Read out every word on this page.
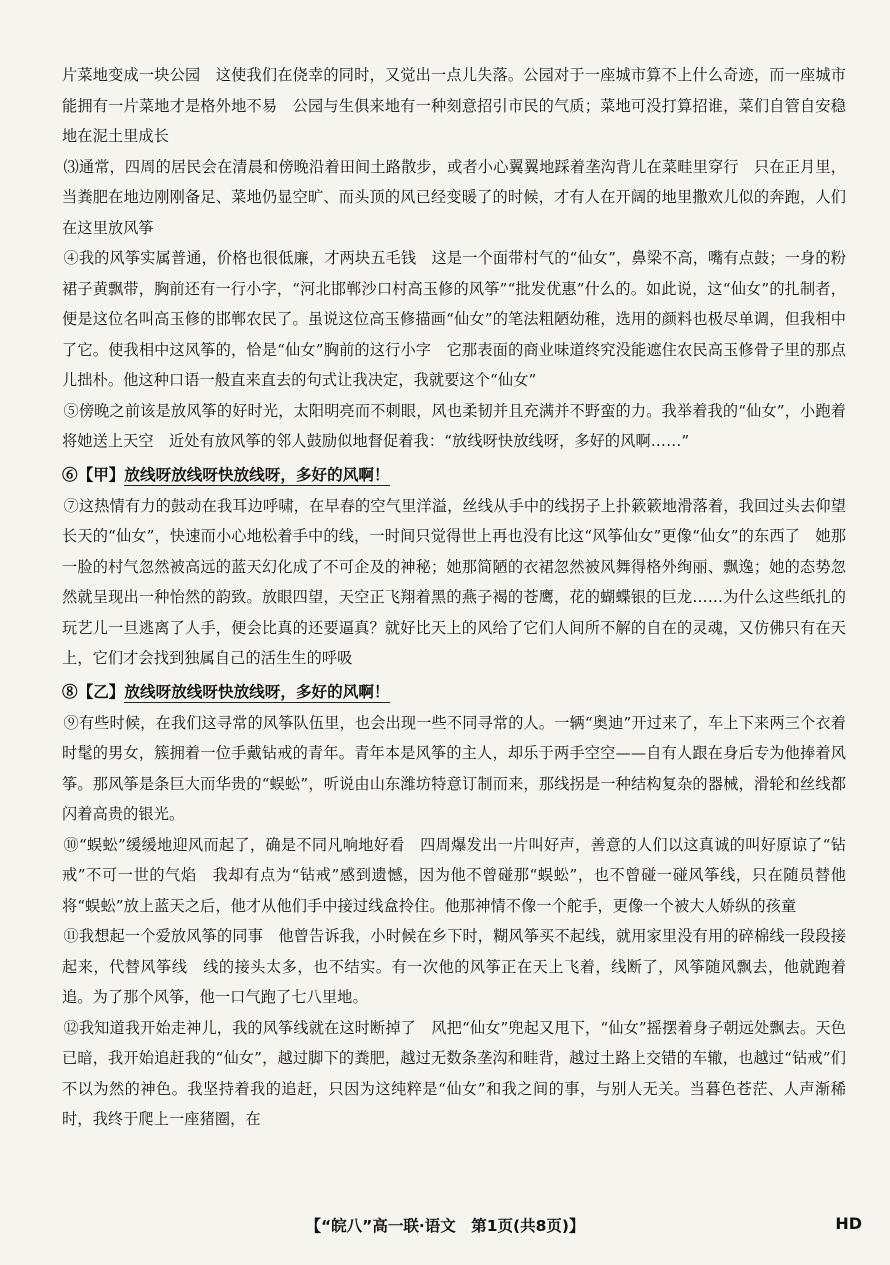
片菜地变成一块公园　这使我们在侥幸的同时，又觉出一点儿失落。公园对于一座城市算不上什么奇迹，而一座城市能拥有一片菜地才是格外地不易　公园与生俱来地有一种刻意招引市民的气质；菜地可没打算招谁，菜们自管自安稳地在泥土里成长

⑶通常，四周的居民会在清晨和傍晚沿着田间土路散步，或者小心翼翼地踩着垄沟背儿在菜畦里穿行　只在正月里，当粪肥在地边刚刚备足、菜地仍显空旷、而头顶的风已经变暖了的时候，才有人在开阔的地里撒欢儿似的奔跑，人们在这里放风筝

④我的风筝实属普通，价格也很低廉，才两块五毛钱　这是一个面带村气的“仙女”，鼻梁不高，嘴有点鼓；一身的粉裙子黄飘带，胸前还有一行小字，“河北邯郸沙口村高玉修的风筝”“批发优惠”什么的。如此说，这“仙女”的扎制者，便是这位名叫高玉修的邯郸农民了。虽说这位高玉修描画“仙女”的笔法粗陋幼稚，选用的颜料也极尽单调，但我相中了它。使我相中这风筝的，恰是“仙女”胸前的这行小字　它那表面的商业味道终究没能遮住农民高玉修骨子里的那点儿拙朴。他这种口语一般直来直去的句式让我决定，我就要这个“仙女”

⑤傍晚之前该是放风筝的好时光，太阳明亮而不刺眼，风也柔韧并且充满并不野蛮的力。我举着我的“仙女”，小跑着将她送上天空　近处有放风筝的邻人鼓励似地督促着我：“放线呀快放线呀，多好的风啊……”

⑥【甲】放线呀放线呀快放线呀，多好的风啊！

⑦这热情有力的鼓动在我耳边呼啸，在早春的空气里洋溢，丝线从手中的线拐子上扑簌簌地滑落着，我回过头去仰望长天的“仙女”，快速而小心地松着手中的线，一时间只觉得世上再也没有比这“风筝仙女”更像“仙女”的东西了　她那一脸的村气忽然被高远的蓝天幻化成了不可企及的神秘；她那简陋的衣裙忽然被风舞得格外绚丽、飘逸；她的态势忽然就呈现出一种怡然的韵致。放眼四望，天空正飞翔着黑的燕子褐的苍鹰，花的蝴蝶银的巨龙……为什么这些纸扎的玩艺儿一旦逃离了人手，便会比真的还要逼真？就好比天上的风给了它们人间所不解的自在的灵魂，又仿佛只有在天上，它们才会找到独属自己的活生生的呼吸

⑧【乙】放线呀放线呀快放线呀，多好的风啊！

⑨有些时候，在我们这寻常的风筝队伍里，也会出现一些不同寻常的人。一辆“奥迪”开过来了，车上下来两三个衣着时髦的男女，簇拥着一位手戴钻戒的青年。青年本是风筝的主人，却乐于两手空空——自有人跟在身后专为他捧着风筝。那风筝是条巨大而华贵的“蜈蚣”，听说由山东潍坊特意订制而来，那线拐是一种结构复杂的器械，滑轮和丝线都闪着高贵的银光。

⑩“蜈蚣”缓缓地迎风而起了，确是不同凡响地好看　四周爆发出一片叫好声，善意的人们以这真诚的叫好原谅了“钻戒”不可一世的气焰　我却有点为“钻戒”感到遗憾，因为他不曾碰那“蜈蚣”，也不曾碰一碰风筝线，只在随员替他将“蜈蚣”放上蓝天之后，他才从他们手中接过线盒拎住。他那神情不像一个舵手，更像一个被大人娇纵的孩童

⑪我想起一个爱放风筝的同事　他曾告诉我，小时候在乡下时，糊风筝买不起线，就用家里没有用的碎棉线一段段接起来，代替风筝线　线的接头太多，也不结实。有一次他的风筝正在天上飞着，线断了，风筝随风飘去，他就跑着追。为了那个风筝，他一口气跑了七八里地。

⑫我知道我开始走神儿，我的风筝线就在这时断掉了　风把“仙女”兜起又甩下，“仙女”摇摆着身子朝远处飘去。天色已暗，我开始追赶我的“仙女”，越过脚下的粪肥，越过无数条垄沟和畦背，越过土路上交错的车辙，也越过“钻戒”们不以为然的神色。我坚持着我的追赶，只因为这纯粹是“仙女”和我之间的事，与别人无关。当暮色苍茫、人声渐稀时，我终于爬上一座猪圈，在

【“皖八”高一联·语文　第1页(共8页)】	HD
